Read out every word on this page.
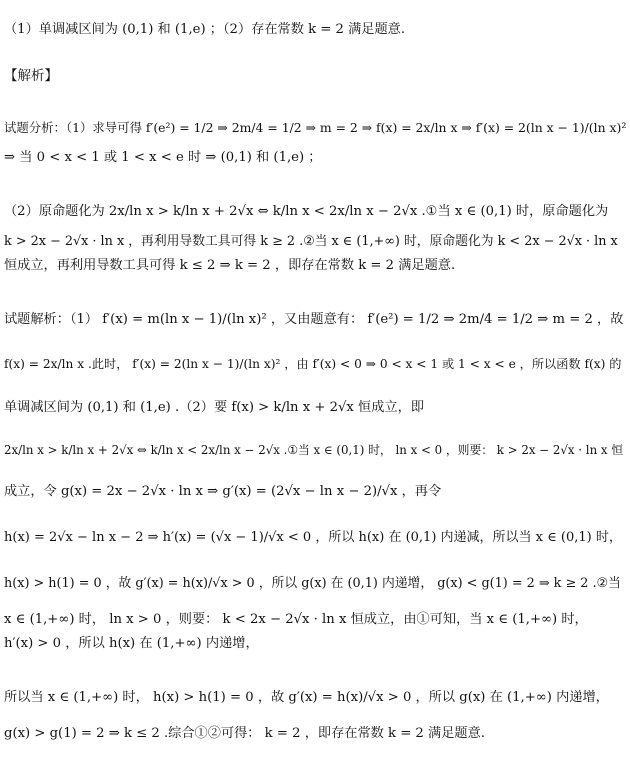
（1）单调减区间为 (0,1) 和 (1,e) ；（2）存在常数 k = 2 满足题意.
【解析】
试题分析：（1）求导可得 f′(e²) = 1/2 ⇒ 2m/4 = 1/2 ⇒ m = 2 ⇒ f(x) = 2x/ln x ⇒ f′(x) = 2(ln x − 1)/(ln x)²
⇒ 当 0 < x < 1 或 1 < x < e 时 ⇒ (0,1) 和 (1,e) ；
（2）原命题化为 2x/ln x > k/ln x + 2√x ⇔ k/ln x < 2x/ln x − 2√x .①当 x ∈ (0,1) 时，原命题化为
k > 2x − 2√x · ln x ，再利用导数工具可得 k ≥ 2 .②当 x ∈ (1,+∞) 时，原命题化为 k < 2x − 2√x · ln x
恒成立，再利用导数工具可得 k ≤ 2 ⇒ k = 2 ，即存在常数 k = 2 满足题意.
试题解析：（1） f′(x) = m(ln x − 1)/(ln x)² ，又由题意有： f′(e²) = 1/2 ⇒ 2m/4 = 1/2 ⇒ m = 2 ，故
f(x) = 2x/ln x .此时， f′(x) = 2(ln x − 1)/(ln x)² ，由 f′(x) < 0 ⇒ 0 < x < 1 或 1 < x < e ，所以函数 f(x) 的
单调减区间为 (0,1) 和 (1,e) .（2）要 f(x) > k/ln x + 2√x 恒成立，即
2x/ln x > k/ln x + 2√x ⇔ k/ln x < 2x/ln x − 2√x .①当 x ∈ (0,1) 时， ln x < 0 ，则要： k > 2x − 2√x · ln x 恒
成立，令 g(x) = 2x − 2√x · ln x ⇒ g′(x) = (2√x − ln x − 2)/√x ，再令
h(x) = 2√x − ln x − 2 ⇒ h′(x) = (√x − 1)/√x < 0 ，所以 h(x) 在 (0,1) 内递减，所以当 x ∈ (0,1) 时，
h(x) > h(1) = 0 ，故 g′(x) = h(x)/√x > 0 ，所以 g(x) 在 (0,1) 内递增， g(x) < g(1) = 2 ⇒ k ≥ 2 .②当
x ∈ (1,+∞) 时， ln x > 0 ，则要： k < 2x − 2√x · ln x 恒成立，由①可知，当 x ∈ (1,+∞) 时，
h′(x) > 0 ，所以 h(x) 在 (1,+∞) 内递增，
所以当 x ∈ (1,+∞) 时， h(x) > h(1) = 0 ，故 g′(x) = h(x)/√x > 0 ，所以 g(x) 在 (1,+∞) 内递增，
g(x) > g(1) = 2 ⇒ k ≤ 2 .综合①②可得： k = 2 ，即存在常数 k = 2 满足题意.
